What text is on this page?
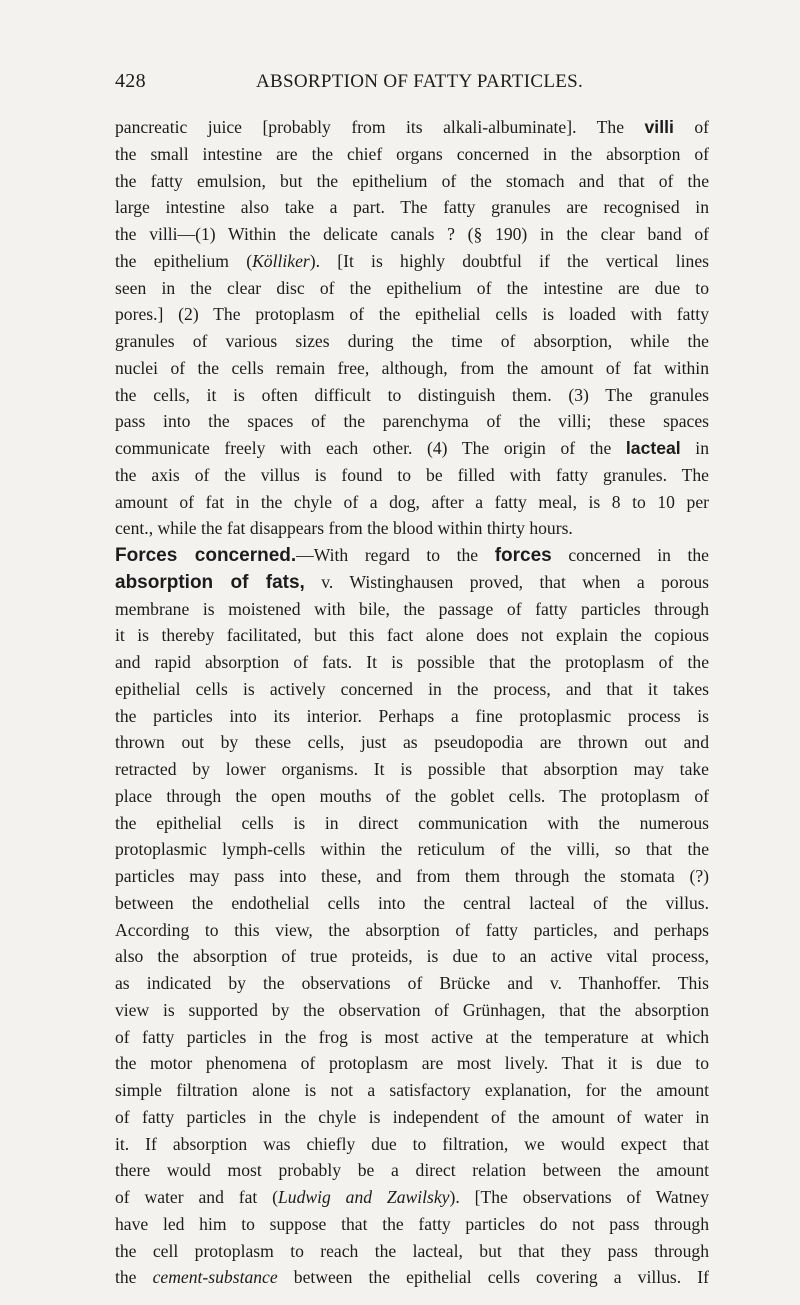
428	ABSORPTION OF FATTY PARTICLES.
pancreatic juice [probably from its alkali-albuminate]. The villi of
the small intestine are the chief organs concerned in the absorption of
the fatty emulsion, but the epithelium of the stomach and that of the
large intestine also take a part. The fatty granules are recognised in
the villi—(1) Within the delicate canals ? (§ 190) in the clear band of
the epithelium (Kölliker). [It is highly doubtful if the vertical lines
seen in the clear disc of the epithelium of the intestine are due to
pores.] (2) The protoplasm of the epithelial cells is loaded with fatty
granules of various sizes during the time of absorption, while the
nuclei of the cells remain free, although, from the amount of fat within
the cells, it is often difficult to distinguish them. (3) The granules
pass into the spaces of the parenchyma of the villi; these spaces
communicate freely with each other. (4) The origin of the lacteal in
the axis of the villus is found to be filled with fatty granules. The
amount of fat in the chyle of a dog, after a fatty meal, is 8 to 10 per
cent., while the fat disappears from the blood within thirty hours.
Forces concerned.—With regard to the forces concerned in the
absorption of fats, v. Wistinghausen proved, that when a porous
membrane is moistened with bile, the passage of fatty particles through
it is thereby facilitated, but this fact alone does not explain the copious
and rapid absorption of fats. It is possible that the protoplasm of the
epithelial cells is actively concerned in the process, and that it takes
the particles into its interior. Perhaps a fine protoplasmic process is
thrown out by these cells, just as pseudopodia are thrown out and
retracted by lower organisms. It is possible that absorption may take
place through the open mouths of the goblet cells. The protoplasm of
the epithelial cells is in direct communication with the numerous
protoplasmic lymph-cells within the reticulum of the villi, so that the
particles may pass into these, and from them through the stomata (?)
between the endothelial cells into the central lacteal of the villus.
According to this view, the absorption of fatty particles, and perhaps
also the absorption of true proteids, is due to an active vital process,
as indicated by the observations of Brücke and v. Thanhoffer. This
view is supported by the observation of Grünhagen, that the absorption
of fatty particles in the frog is most active at the temperature at which
the motor phenomena of protoplasm are most lively. That it is due to
simple filtration alone is not a satisfactory explanation, for the amount
of fatty particles in the chyle is independent of the amount of water in
it. If absorption was chiefly due to filtration, we would expect that
there would most probably be a direct relation between the amount
of water and fat (Ludwig and Zawilsky). [The observations of Watney
have led him to suppose that the fatty particles do not pass through
the cell protoplasm to reach the lacteal, but that they pass through
the cement-substance between the epithelial cells covering a villus. If
